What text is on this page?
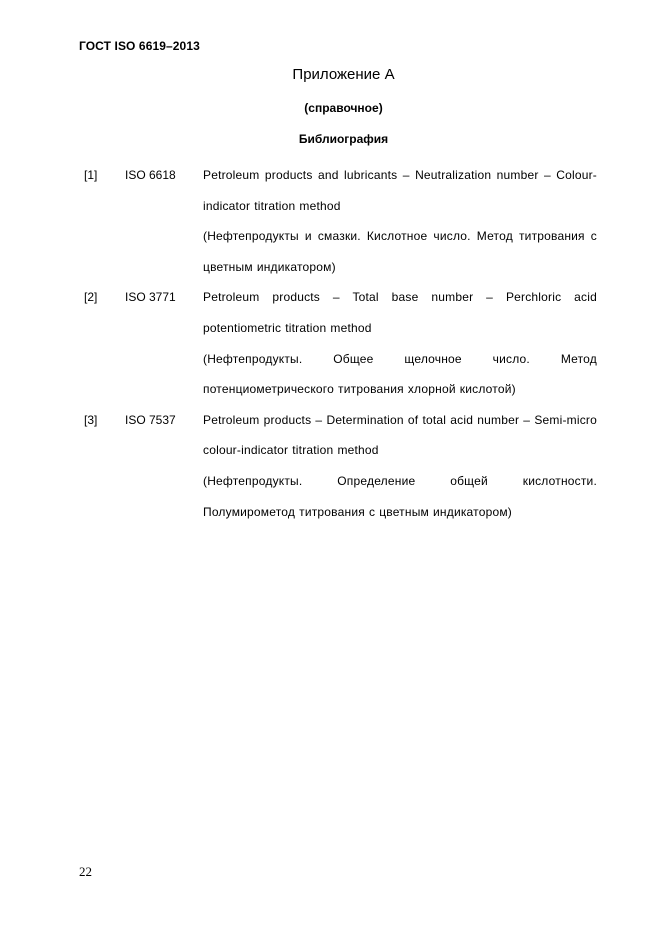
ГОСТ ISO 6619–2013
Приложение А
(справочное)
Библиография
[1] ISO 6618 Petroleum products and lubricants – Neutralization number – Colour-indicator titration method

(Нефтепродукты и смазки. Кислотное число. Метод титрования с цветным индикатором)

[2] ISO 3771 Petroleum products – Total base number – Perchloric acid potentiometric titration method

(Нефтепродукты. Общее щелочное число. Метод потенциометрического титрования хлорной кислотой)

[3] ISO 7537 Petroleum products – Determination of total acid number – Semi-micro colour-indicator titration method

(Нефтепродукты. Определение общей кислотности. Полумирометод титрования с цветным индикатором)

22
